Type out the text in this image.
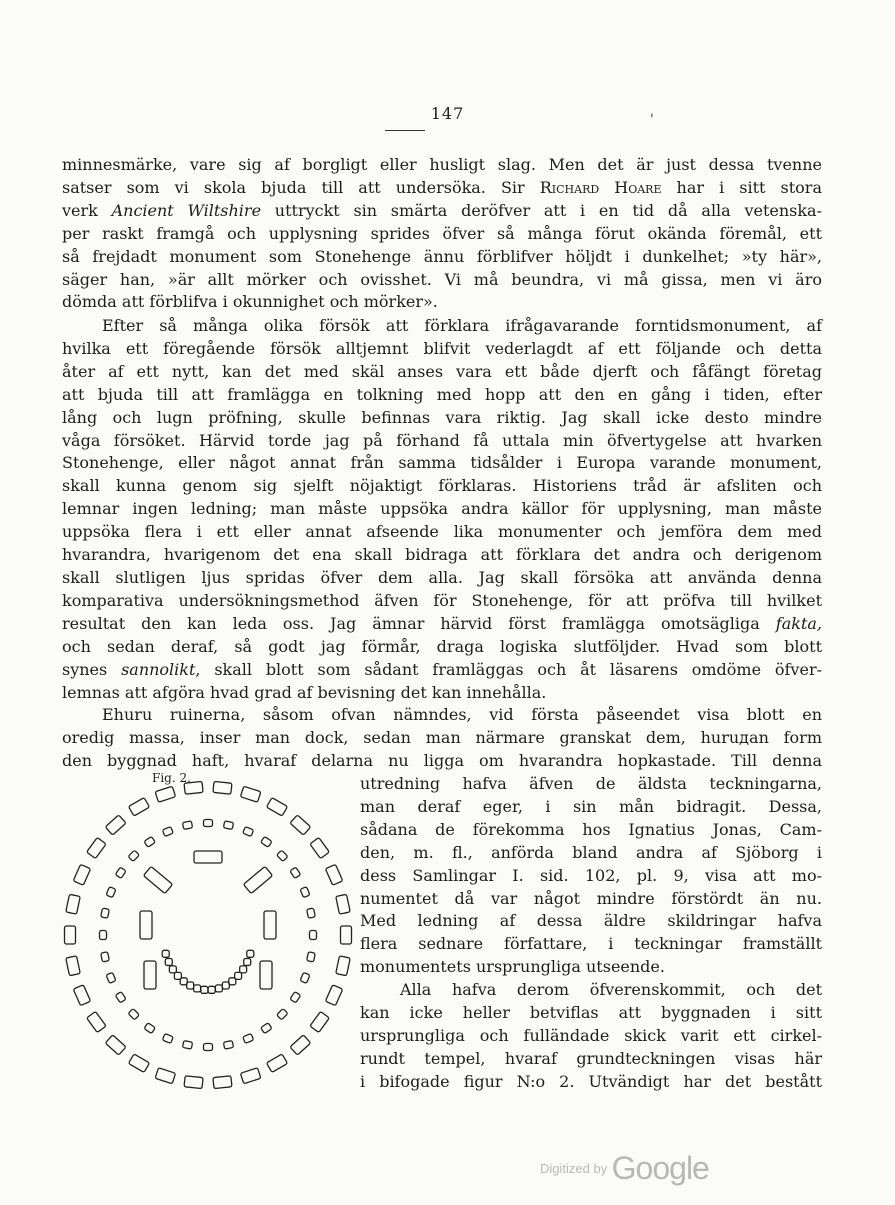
147	'
minnesmärke, vare sig af borgligt eller husligt slag. Men det är just dessa tvenne
satser som vi skola bjuda till att undersöka. Sir Richard Hoare har i sitt stora
verk Ancient Wiltshire uttryckt sin smärta deröfver att i en tid då alla vetenska-
per raskt framgå och upplysning sprides öfver så många förut okända föremål, ett
så frejdadt monument som Stonehenge ännu förblifver höljdt i dunkelhet; »ty här»,
säger han, »är allt mörker och ovisshet. Vi må beundra, vi må gissa, men vi äro
dömda att förblifva i okunnighet och mörker».
Efter så många olika försök att förklara ifrågavarande forntidsmonument, af
hvilka ett föregående försök alltjemnt blifvit vederlagdt af ett följande och detta
åter af ett nytt, kan det med skäl anses vara ett både djerft och fåfängt företag
att bjuda till att framlägga en tolkning med hopp att den en gång i tiden, efter
lång och lugn pröfning, skulle befinnas vara riktig. Jag skall icke desto mindre
våga försöket. Härvid torde jag på förhand få uttala min öfvertygelse att hvarken
Stonehenge, eller något annat från samma tidsålder i Europa varande monument,
skall kunna genom sig sjelft nöjaktigt förklaras. Historiens tråd är afsliten och
lemnar ingen ledning; man måste uppsöka andra källor för upplysning, man måste
uppsöka flera i ett eller annat afseende lika monumenter och jemföra dem med
hvarandra, hvarigenom det ena skall bidraga att förklara det andra och derigenom
skall slutligen ljus spridas öfver dem alla. Jag skall försöka att använda denna
komparativa undersökningsmethod äfven för Stonehenge, för att pröfva till hvilket
resultat den kan leda oss. Jag ämnar härvid först framlägga omotsägliga fakta,
och sedan deraf, så godt jag förmår, draga logiska slutföljder. Hvad som blott
synes sannolikt, skall blott som sådant framläggas och åt läsarens omdöme öfver-
lemnas att afgöra hvad grad af bevisning det kan innehålla.
Ehuru ruinerna, såsom ofvan nämndes, vid första påseendet visa blott en
oredig massa, inser man dock, sedan man närmare granskat dem, huruдan form
den byggnad haft, hvaraf delarna nu ligga om hvarandra hopkastade. Till denna
utredning hafva äfven de äldsta teckningarna,
man deraf eger, i sin mån bidragit. Dessa,
sådana de förekomma hos Ignatius Jonas, Cam-
den, m. fl., anförda bland andra af Sjöborg i
dess Samlingar I. sid. 102, pl. 9, visa att mo-
numentet då var något mindre förstördt än nu.
Med ledning af dessa äldre skildringar hafva
flera sednare författare, i teckningar framställt
monumentets ursprungliga utseende.
Alla hafva derom öfverenskommit, och det
kan icke heller betviflas att byggnaden i sitt
ursprungliga och fulländade skick varit ett cirkel-
rundt tempel, hvaraf grundteckningen visas här
i bifogade figur N:o 2. Utvändigt har det bestått
Fig. 2.
$^{Digitized by}$ Google
